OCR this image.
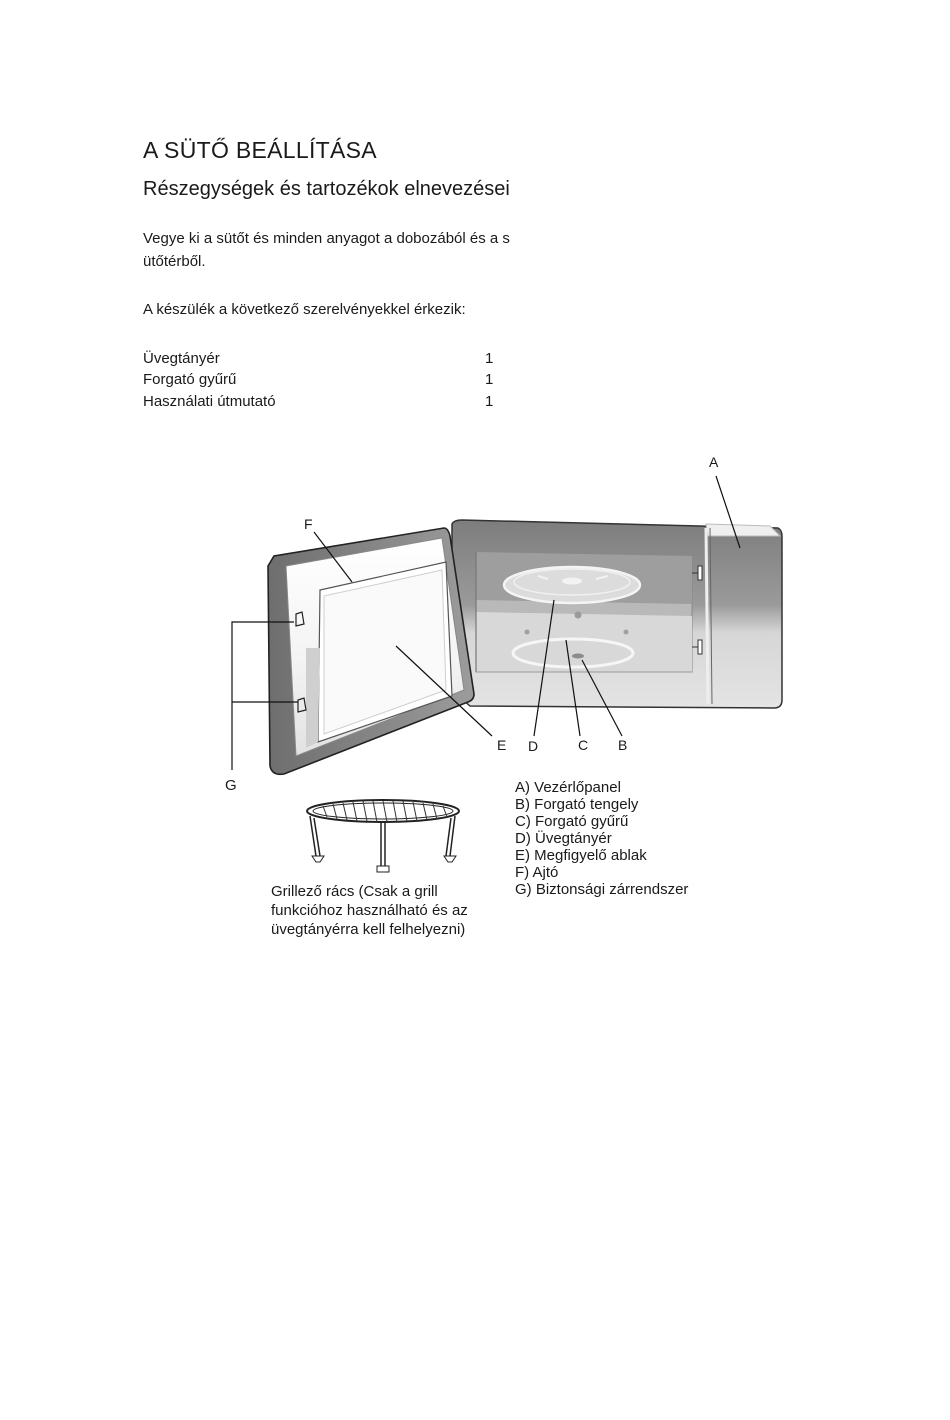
A SÜTŐ BEÁLLÍTÁSA
Részegységek és tartozékok elnevezései
Vegye ki a sütőt és minden anyagot a dobozából és a s
ütőtérből.
A készülék a következő szerelvényekkel érkezik:
Üvegtányér	1
Forgató gyűrű	1
Használati útmutató	1
A
F
E D	C B
G	A) Vezérlőpanel
B) Forgató tengely
C) Forgató gyűrű
D) Üvegtányér
E) Megfigyelő ablak
F) Ajtó
G) Biztonsági zárrendszer
Grillező rács (Csak a grill
funkcióhoz használható és az
üvegtányérra kell felhelyezni)
